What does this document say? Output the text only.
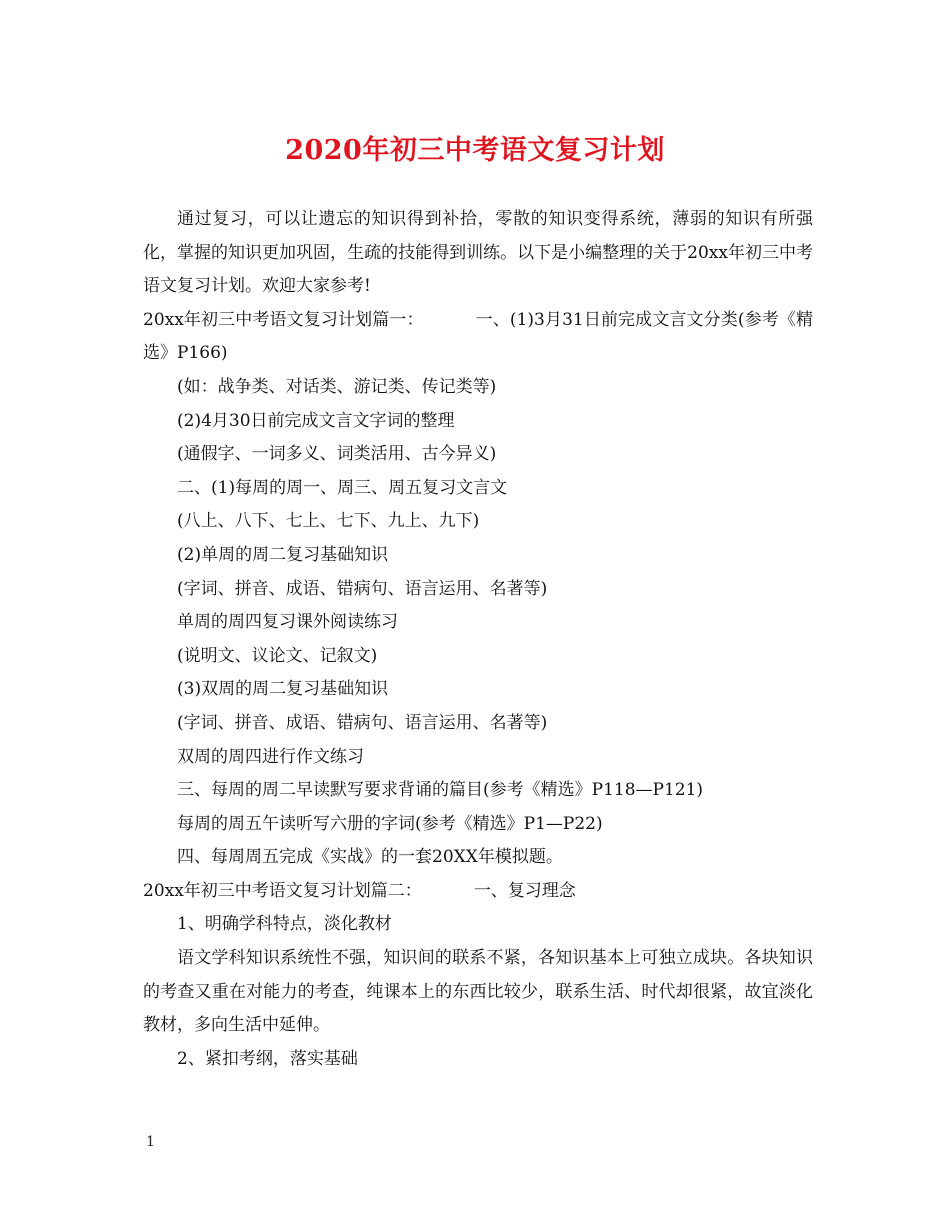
2020年初三中考语文复习计划

通过复习，可以让遗忘的知识得到补拾，零散的知识变得系统，薄弱的知识有所强化，掌握的知识更加巩固，生疏的技能得到训练。以下是小编整理的关于20xx年初三中考语文复习计划。欢迎大家参考!

20xx年初三中考语文复习计划篇一：	一、(1)3月31日前完成文言文分类(参考《精选》P166)

(如：战争类、对话类、游记类、传记类等)

(2)4月30日前完成文言文字词的整理

(通假字、一词多义、词类活用、古今异义)

二、(1)每周的周一、周三、周五复习文言文

(八上、八下、七上、七下、九上、九下)

(2)单周的周二复习基础知识

(字词、拼音、成语、错病句、语言运用、名著等)

单周的周四复习课外阅读练习

(说明文、议论文、记叙文)

(3)双周的周二复习基础知识

(字词、拼音、成语、错病句、语言运用、名著等)

双周的周四进行作文练习

三、每周的周二早读默写要求背诵的篇目(参考《精选》P118—P121)

每周的周五午读听写六册的字词(参考《精选》P1—P22)

四、每周周五完成《实战》的一套20XX年模拟题。

20xx年初三中考语文复习计划篇二：	一、复习理念

1、明确学科特点，淡化教材

语文学科知识系统性不强，知识间的联系不紧，各知识基本上可独立成块。各块知识的考查又重在对能力的考查，纯课本上的东西比较少，联系生活、时代却很紧，故宜淡化教材，多向生活中延伸。

2、紧扣考纲，落实基础

1
